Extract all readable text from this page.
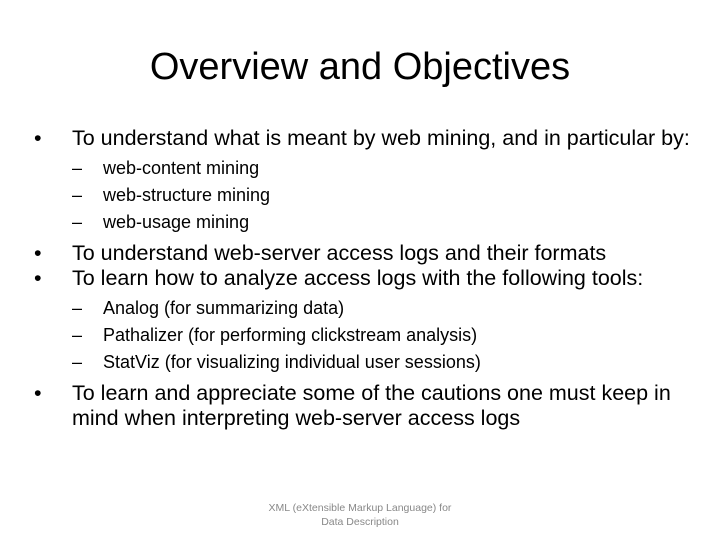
Overview and Objectives
• To understand what is meant by web mining, and in particular by:
– web-content mining
– web-structure mining
– web-usage mining
• To understand web-server access logs and their formats
• To learn how to analyze access logs with the following tools:
– Analog (for summarizing data)
– Pathalizer (for performing clickstream analysis)
– StatViz (for visualizing individual user sessions)
• To learn and appreciate some of the cautions one must keep in mind when interpreting web-server access logs
XML (eXtensible Markup Language) for
Data Description
